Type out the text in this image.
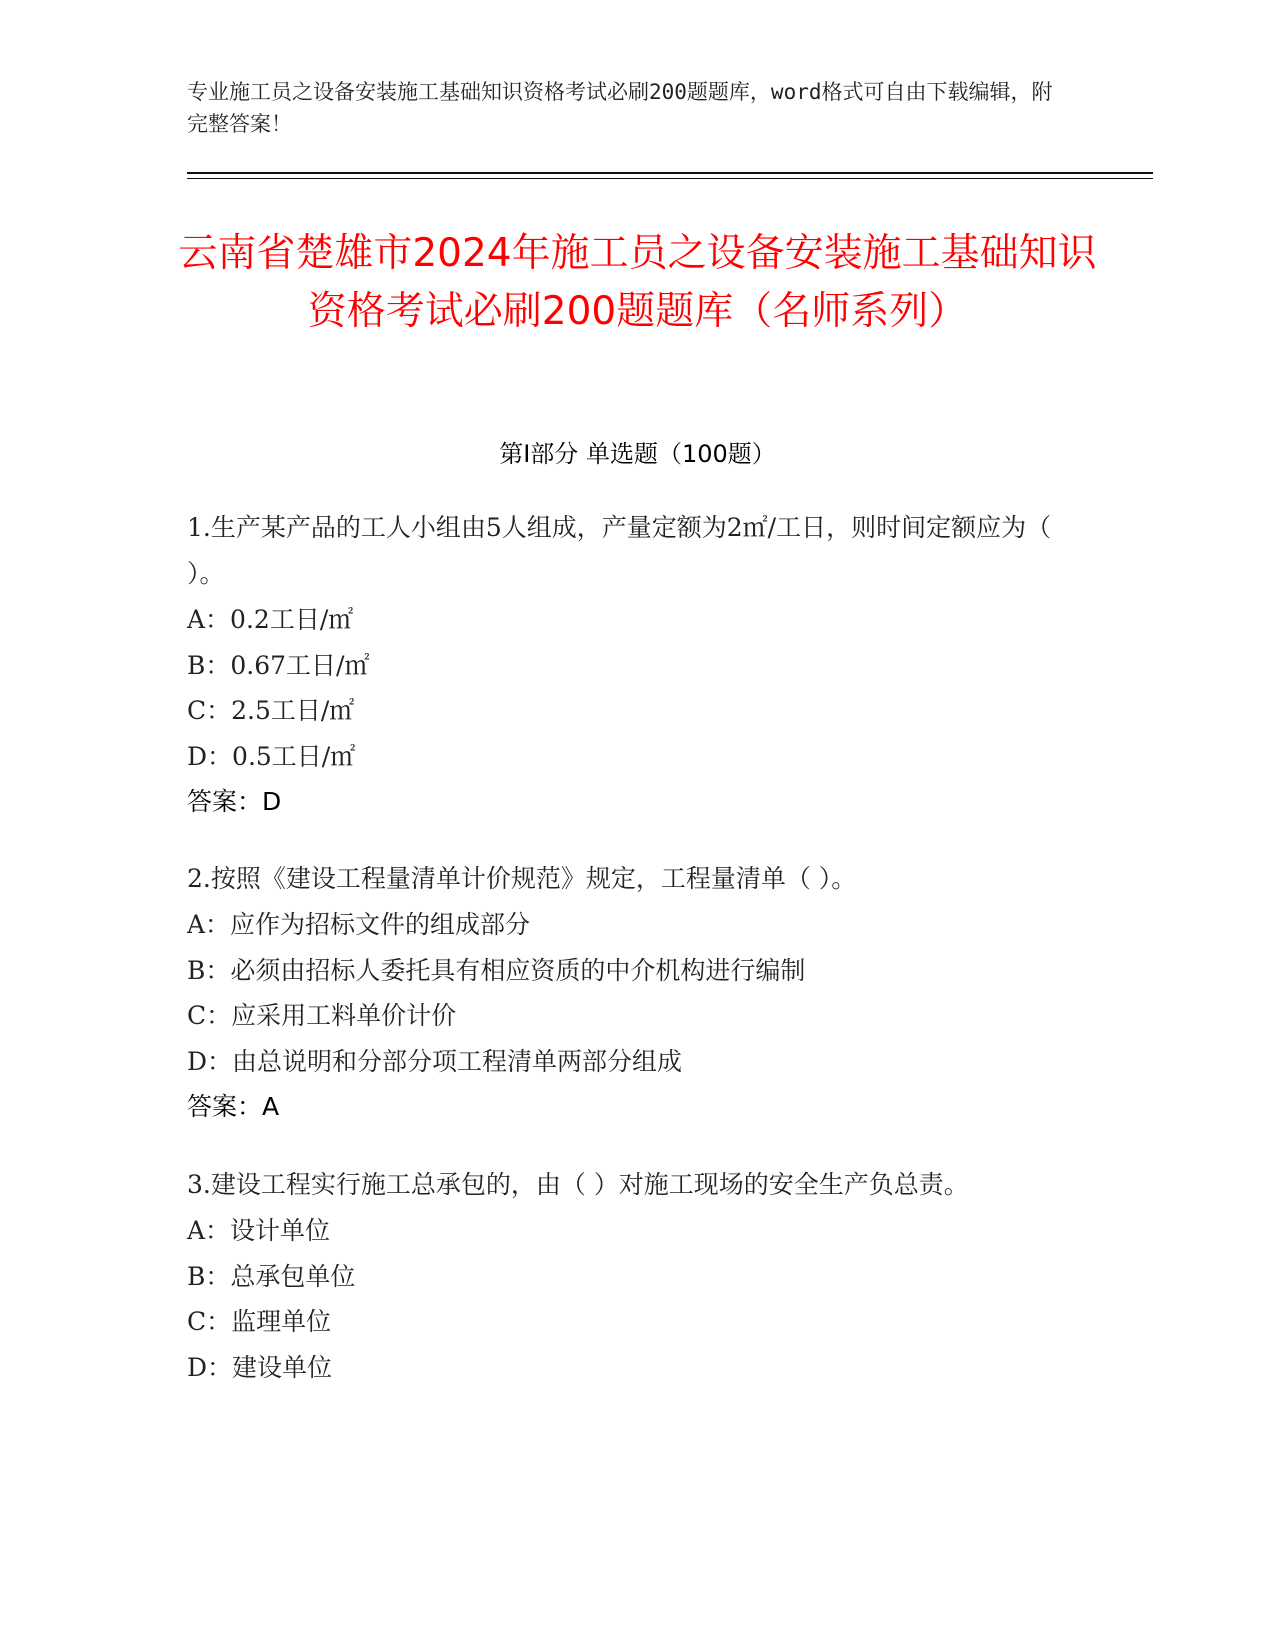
专业施工员之设备安装施工基础知识资格考试必刷200题题库，word格式可自由下载编辑，附完整答案！
云南省楚雄市2024年施工员之设备安装施工基础知识资格考试必刷200题题库（名师系列）
第I部分 单选题（100题）
1.生产某产品的工人小组由5人组成，产量定额为2㎡/工日，则时间定额应为（ ）。
A：0.2工日/㎡
B：0.67工日/㎡
C：2.5工日/㎡
D：0.5工日/㎡
答案：D
2.按照《建设工程量清单计价规范》规定，工程量清单（ ）。
A：应作为招标文件的组成部分
B：必须由招标人委托具有相应资质的中介机构进行编制
C：应采用工料单价计价
D：由总说明和分部分项工程清单两部分组成
答案：A
3.建设工程实行施工总承包的，由（ ）对施工现场的安全生产负总责。
A：设计单位
B：总承包单位
C：监理单位
D：建设单位
